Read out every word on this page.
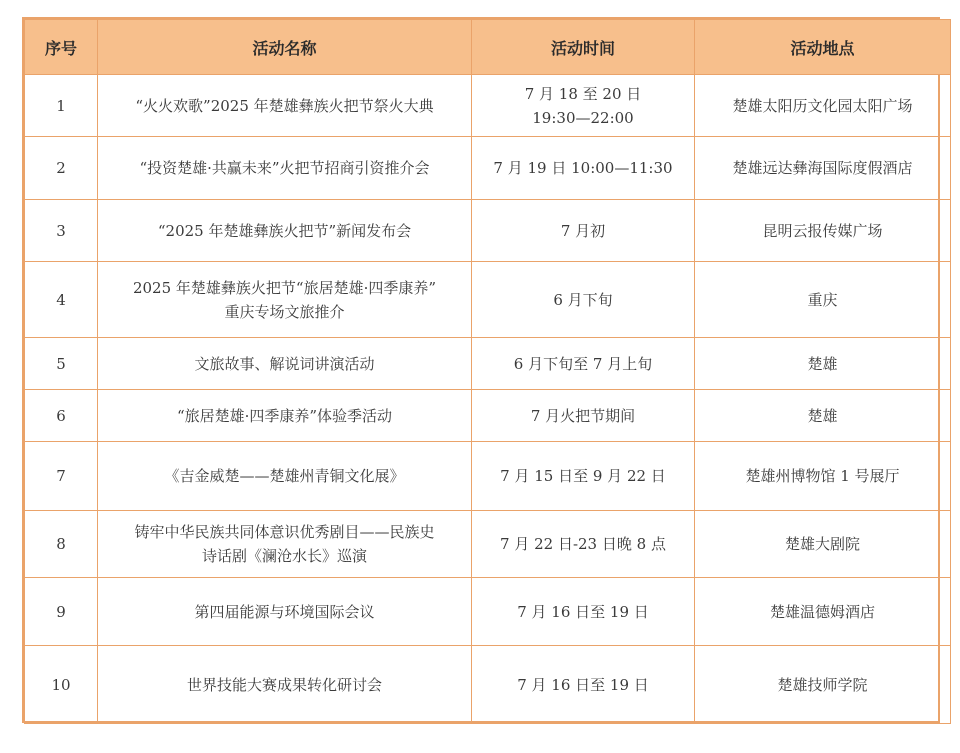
序号	活动名称	活动时间	活动地点
1	“火火欢歌”2025 年楚雄彝族火把节祭火大典	7 月 18 至 20 日
19:30—22:00	楚雄太阳历文化园太阳广场
2	“投资楚雄·共赢未来”火把节招商引资推介会	7 月 19 日 10:00—11:30	楚雄远达彝海国际度假酒店
3	“2025 年楚雄彝族火把节”新闻发布会	7 月初	昆明云报传媒广场
4	2025 年楚雄彝族火把节“旅居楚雄·四季康养”
重庆专场文旅推介	6 月下旬	重庆
5	文旅故事、解说词讲演活动	6 月下旬至 7 月上旬	楚雄
6	“旅居楚雄·四季康养”体验季活动	7 月火把节期间	楚雄
7	《吉金威楚——楚雄州青铜文化展》	7 月 15 日至 9 月 22 日	楚雄州博物馆 1 号展厅
8	铸牢中华民族共同体意识优秀剧目——民族史
诗话剧《澜沧水长》巡演	7 月 22 日-23 日晚 8 点	楚雄大剧院
9	第四届能源与环境国际会议	7 月 16 日至 19 日	楚雄温德姆酒店
10	世界技能大赛成果转化研讨会	7 月 16 日至 19 日	楚雄技师学院
